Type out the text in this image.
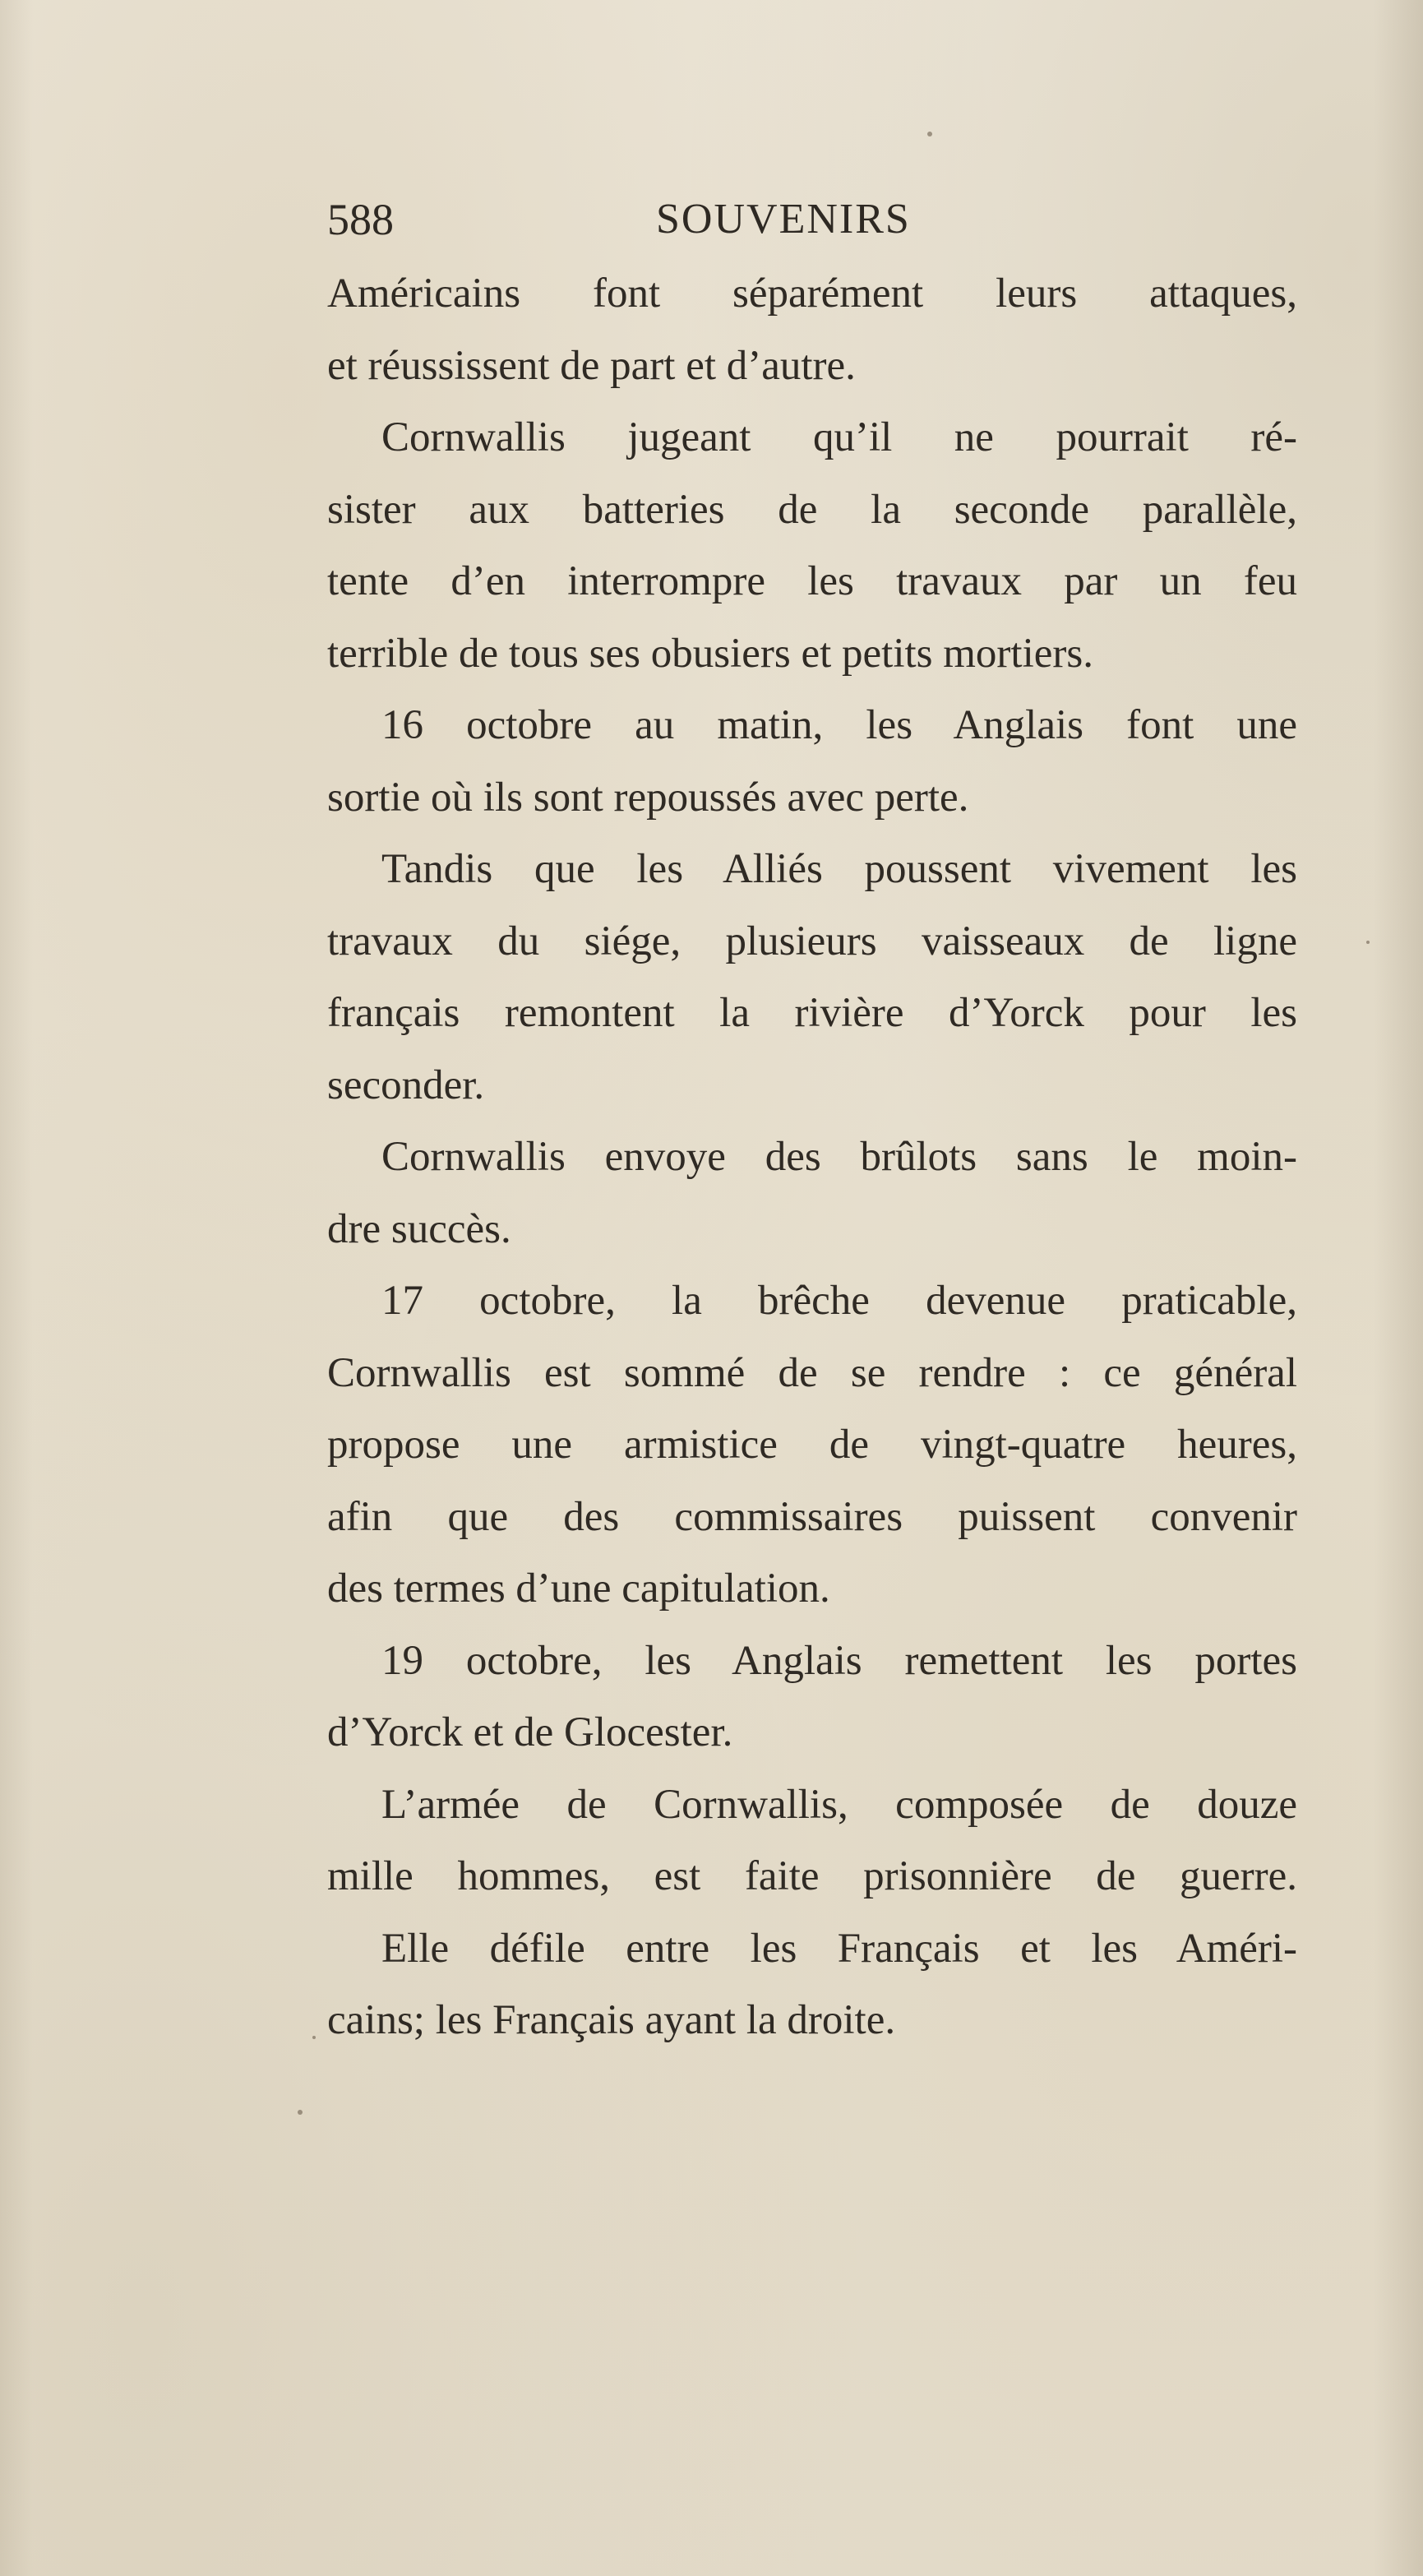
588	SOUVENIRS
Américains font séparément leurs attaques,
et réussissent de part et d’autre.
Cornwallis jugeant qu’il ne pourrait ré-
sister aux batteries de la seconde parallèle,
tente d’en interrompre les travaux par un feu
terrible de tous ses obusiers et petits mortiers.
16 octobre au matin, les Anglais font une
sortie où ils sont repoussés avec perte.
Tandis que les Alliés poussent vivement les
travaux du siége, plusieurs vaisseaux de ligne
français remontent la rivière d’Yorck pour les
seconder.
Cornwallis envoye des brûlots sans le moin-
dre succès.
17 octobre, la brêche devenue praticable,
Cornwallis est sommé de se rendre : ce général
propose une armistice de vingt-quatre heures,
afin que des commissaires puissent convenir
des termes d’une capitulation.
19 octobre, les Anglais remettent les portes
d’Yorck et de Glocester.
L’armée de Cornwallis, composée de douze
mille hommes, est faite prisonnière de guerre.
Elle défile entre les Français et les Améri-
cains; les Français ayant la droite.
